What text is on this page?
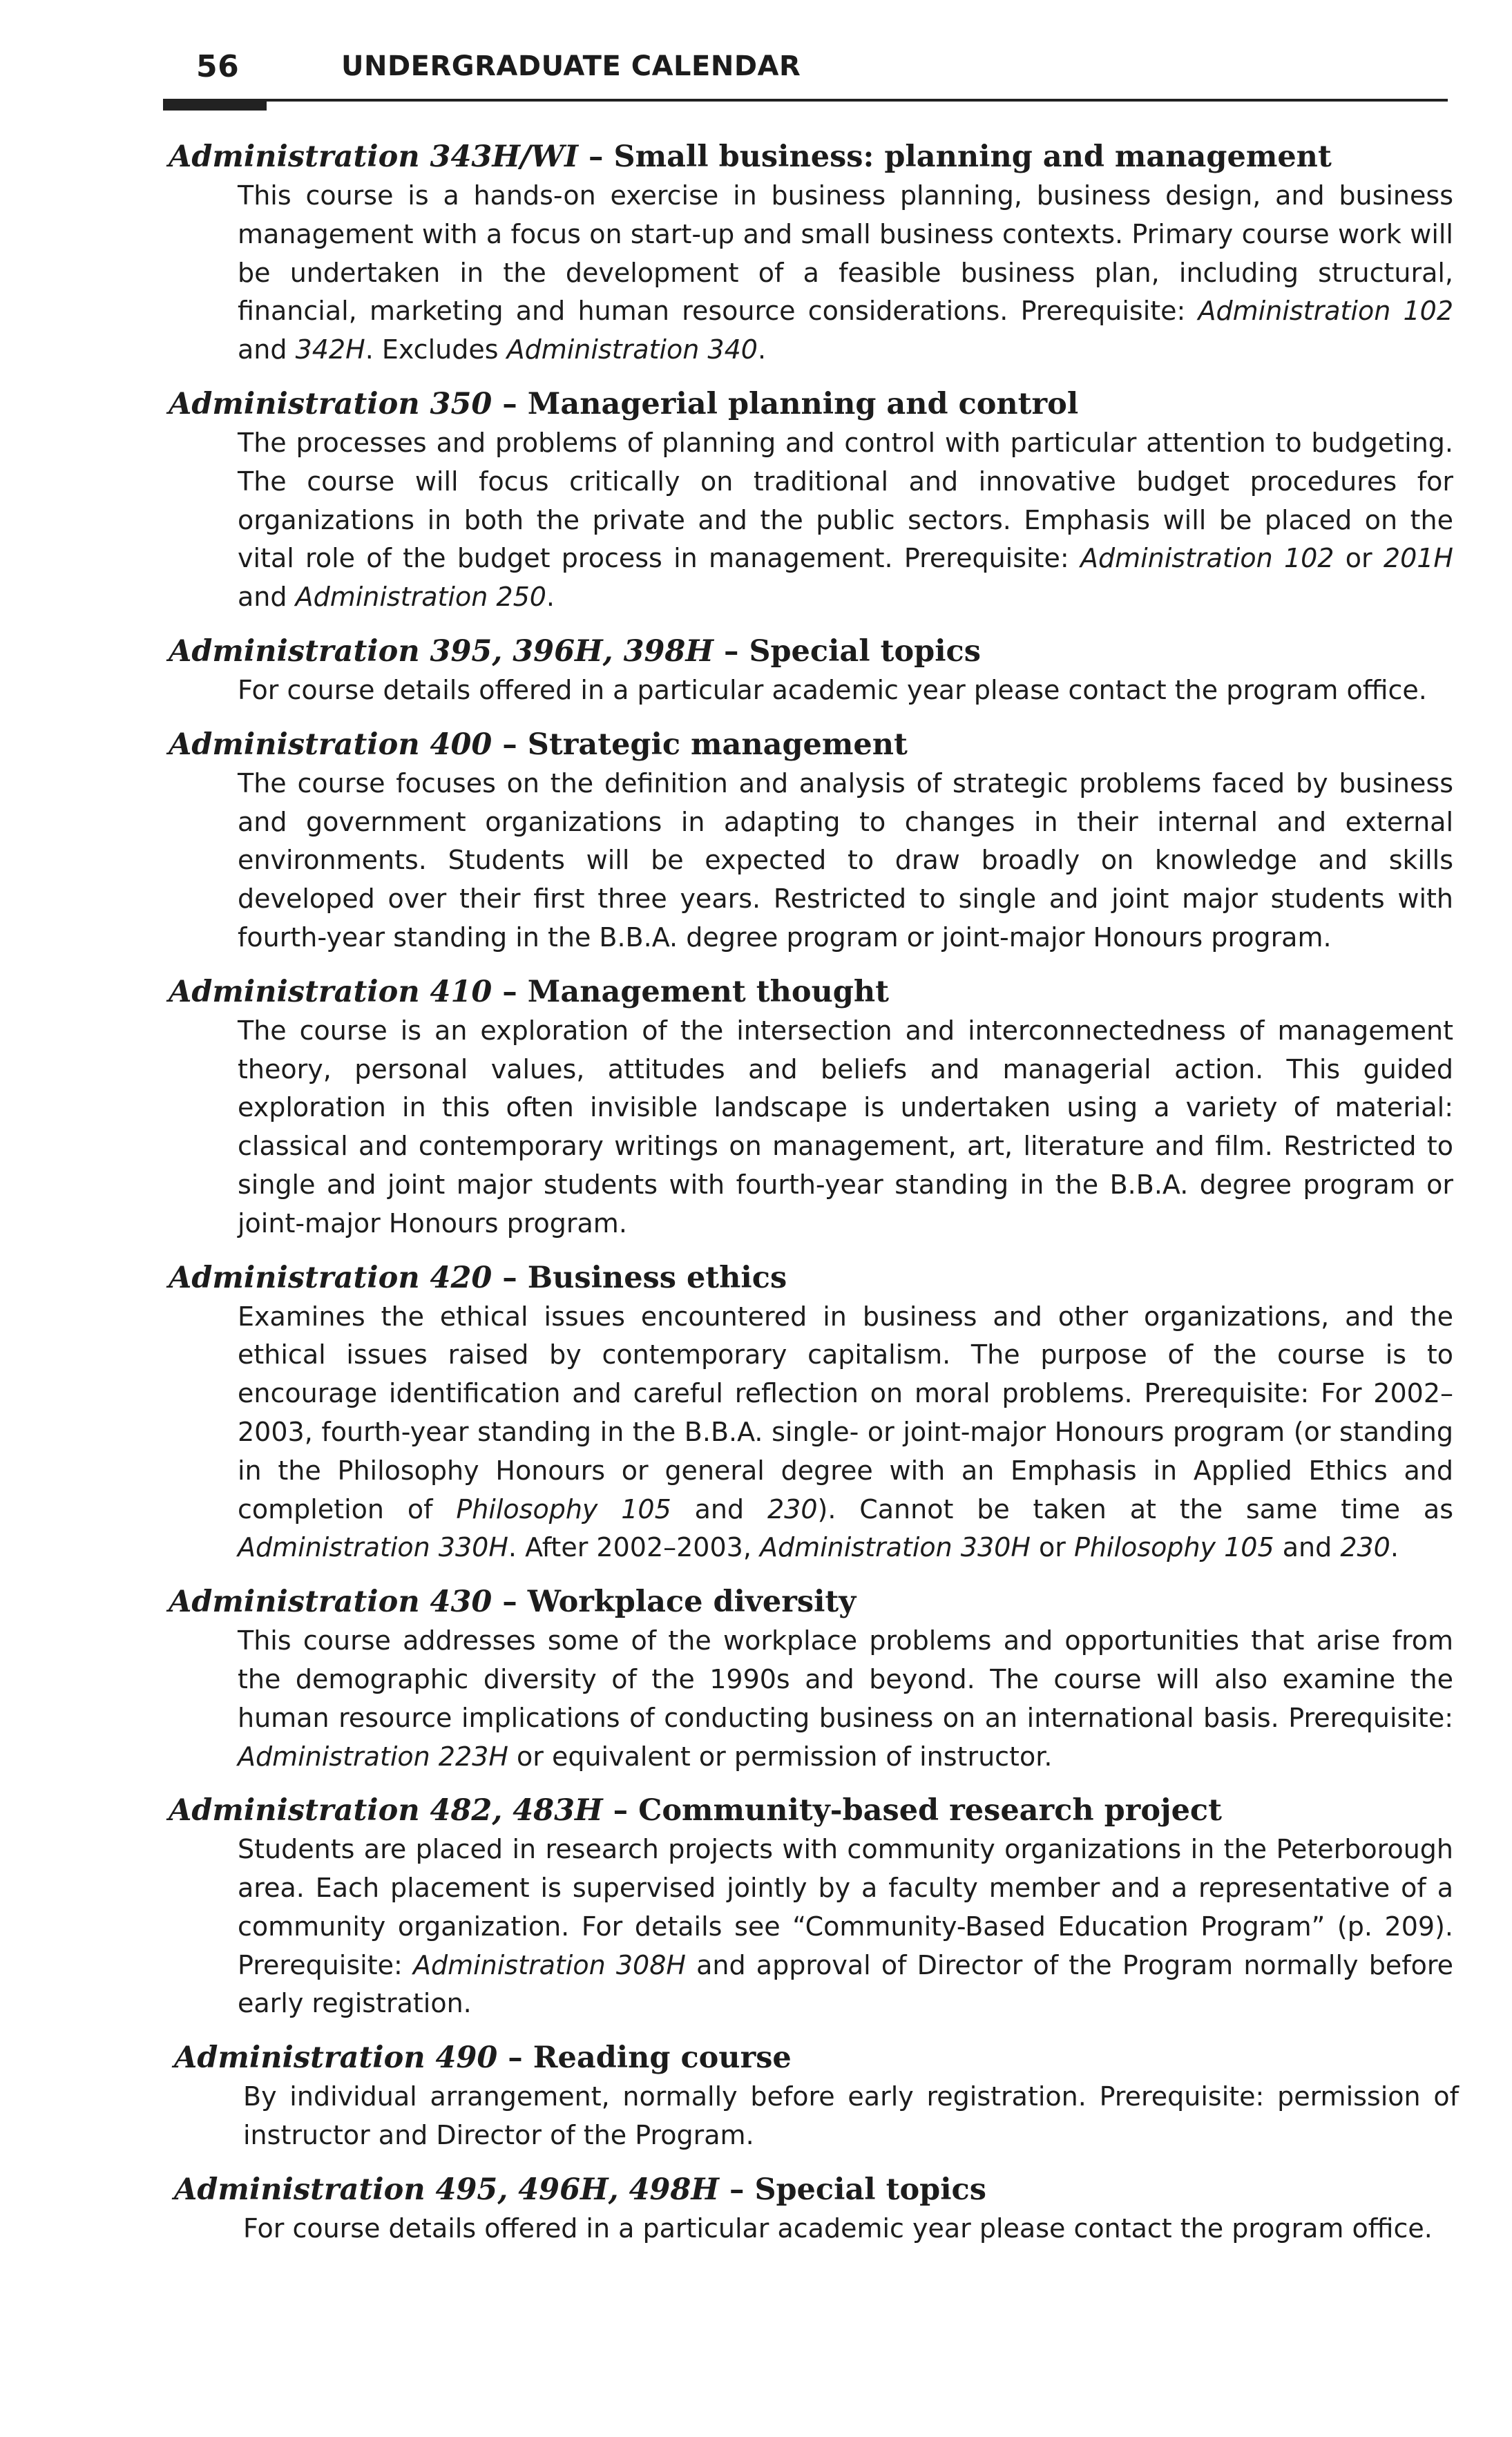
56	UNDERGRADUATE CALENDAR
Administration 343H/WI – Small business: planning and management
This course is a hands-on exercise in business planning, business design, and business management with a focus on start-up and small business contexts. Primary course work will be undertaken in the development of a feasible business plan, including structural, financial, marketing and human resource considerations. Prerequisite: Administration 102 and 342H. Excludes Administration 340.
Administration 350 – Managerial planning and control
The processes and problems of planning and control with particular attention to budgeting. The course will focus critically on traditional and innovative budget procedures for organizations in both the private and the public sectors. Emphasis will be placed on the vital role of the budget process in management. Prerequisite: Administration 102 or 201H and Administration 250.
Administration 395, 396H, 398H – Special topics
For course details offered in a particular academic year please contact the program office.
Administration 400 – Strategic management
The course focuses on the definition and analysis of strategic problems faced by business and government organizations in adapting to changes in their internal and external environments. Students will be expected to draw broadly on knowledge and skills developed over their first three years. Restricted to single and joint major students with fourth-year standing in the B.B.A. degree program or joint-major Honours program.
Administration 410 – Management thought
The course is an exploration of the intersection and interconnectedness of management theory, personal values, attitudes and beliefs and managerial action. This guided exploration in this often invisible landscape is undertaken using a variety of material: classical and contemporary writings on management, art, literature and film. Restricted to single and joint major students with fourth-year standing in the B.B.A. degree program or joint-major Honours program.
Administration 420 – Business ethics
Examines the ethical issues encountered in business and other organizations, and the ethical issues raised by contemporary capitalism. The purpose of the course is to encourage identification and careful reflection on moral problems. Prerequisite: For 2002–2003, fourth-year standing in the B.B.A. single- or joint-major Honours program (or standing in the Philosophy Honours or general degree with an Emphasis in Applied Ethics and completion of Philosophy 105 and 230). Cannot be taken at the same time as Administration 330H. After 2002–2003, Administration 330H or Philosophy 105 and 230.
Administration 430 – Workplace diversity
This course addresses some of the workplace problems and opportunities that arise from the demographic diversity of the 1990s and beyond. The course will also examine the human resource implications of conducting business on an international basis. Prerequisite: Administration 223H or equivalent or permission of instructor.
Administration 482, 483H – Community-based research project
Students are placed in research projects with community organizations in the Peterborough area. Each placement is supervised jointly by a faculty member and a representative of a community organization. For details see “Community-Based Education Program” (p. 209). Prerequisite: Administration 308H and approval of Director of the Program normally before early registration.
Administration 490 – Reading course
By individual arrangement, normally before early registration. Prerequisite: permission of instructor and Director of the Program.
Administration 495, 496H, 498H – Special topics
For course details offered in a particular academic year please contact the program office.
